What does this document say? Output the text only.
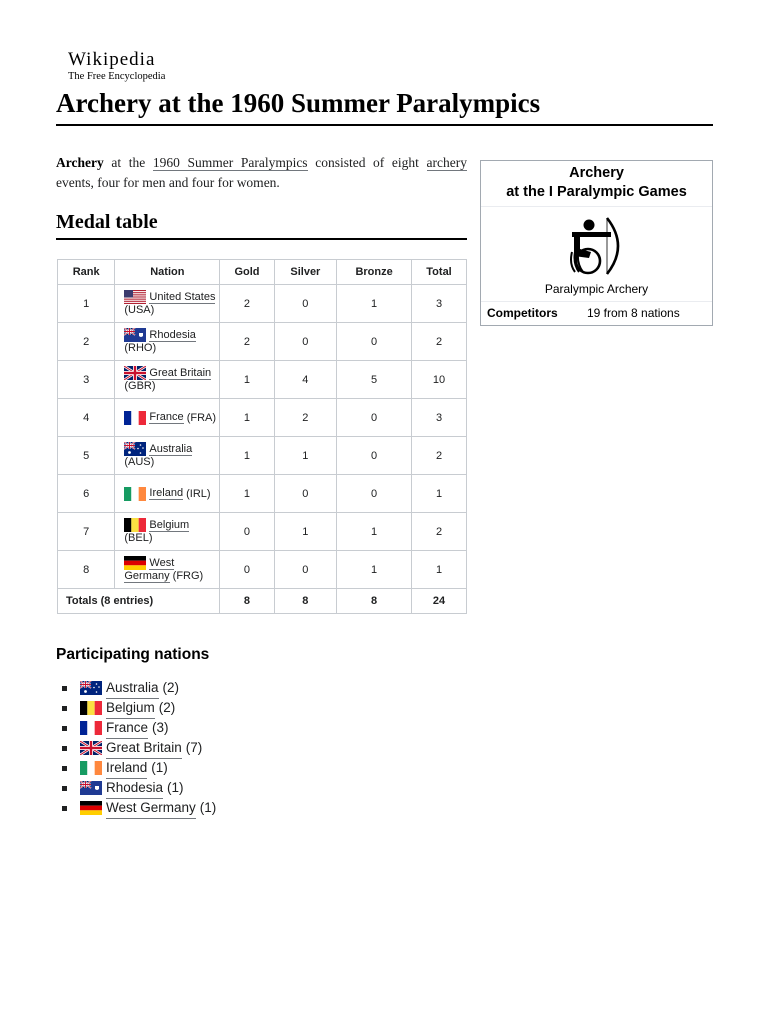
Wikipedia
The Free Encyclopedia
Archery at the 1960 Summer Paralympics
Archery at the 1960 Summer Paralympics consisted of eight archery events, four for men and four for women.
Medal table
Rank	Nation	Gold	Silver	Bronze	Total
1	United States (USA)	2	0	1	3
2	Rhodesia (RHO)	2	0	0	2
3	Great Britain (GBR)	1	4	5	10
4	France (FRA)	1	2	0	3
5	Australia (AUS)	1	1	0	2
6	Ireland (IRL)	1	0	0	1
7	Belgium (BEL)	0	1	1	2
8	West Germany (FRG)	0	0	1	1
Totals (8 entries)		8	8	8	24
Archery
at the I Paralympic Games
Paralympic Archery
Competitors 19 from 8 nations
Participating nations
Australia (2)
Belgium (2)
France (3)
Great Britain (7)
Ireland (1)
Rhodesia (1)
West Germany (1)
